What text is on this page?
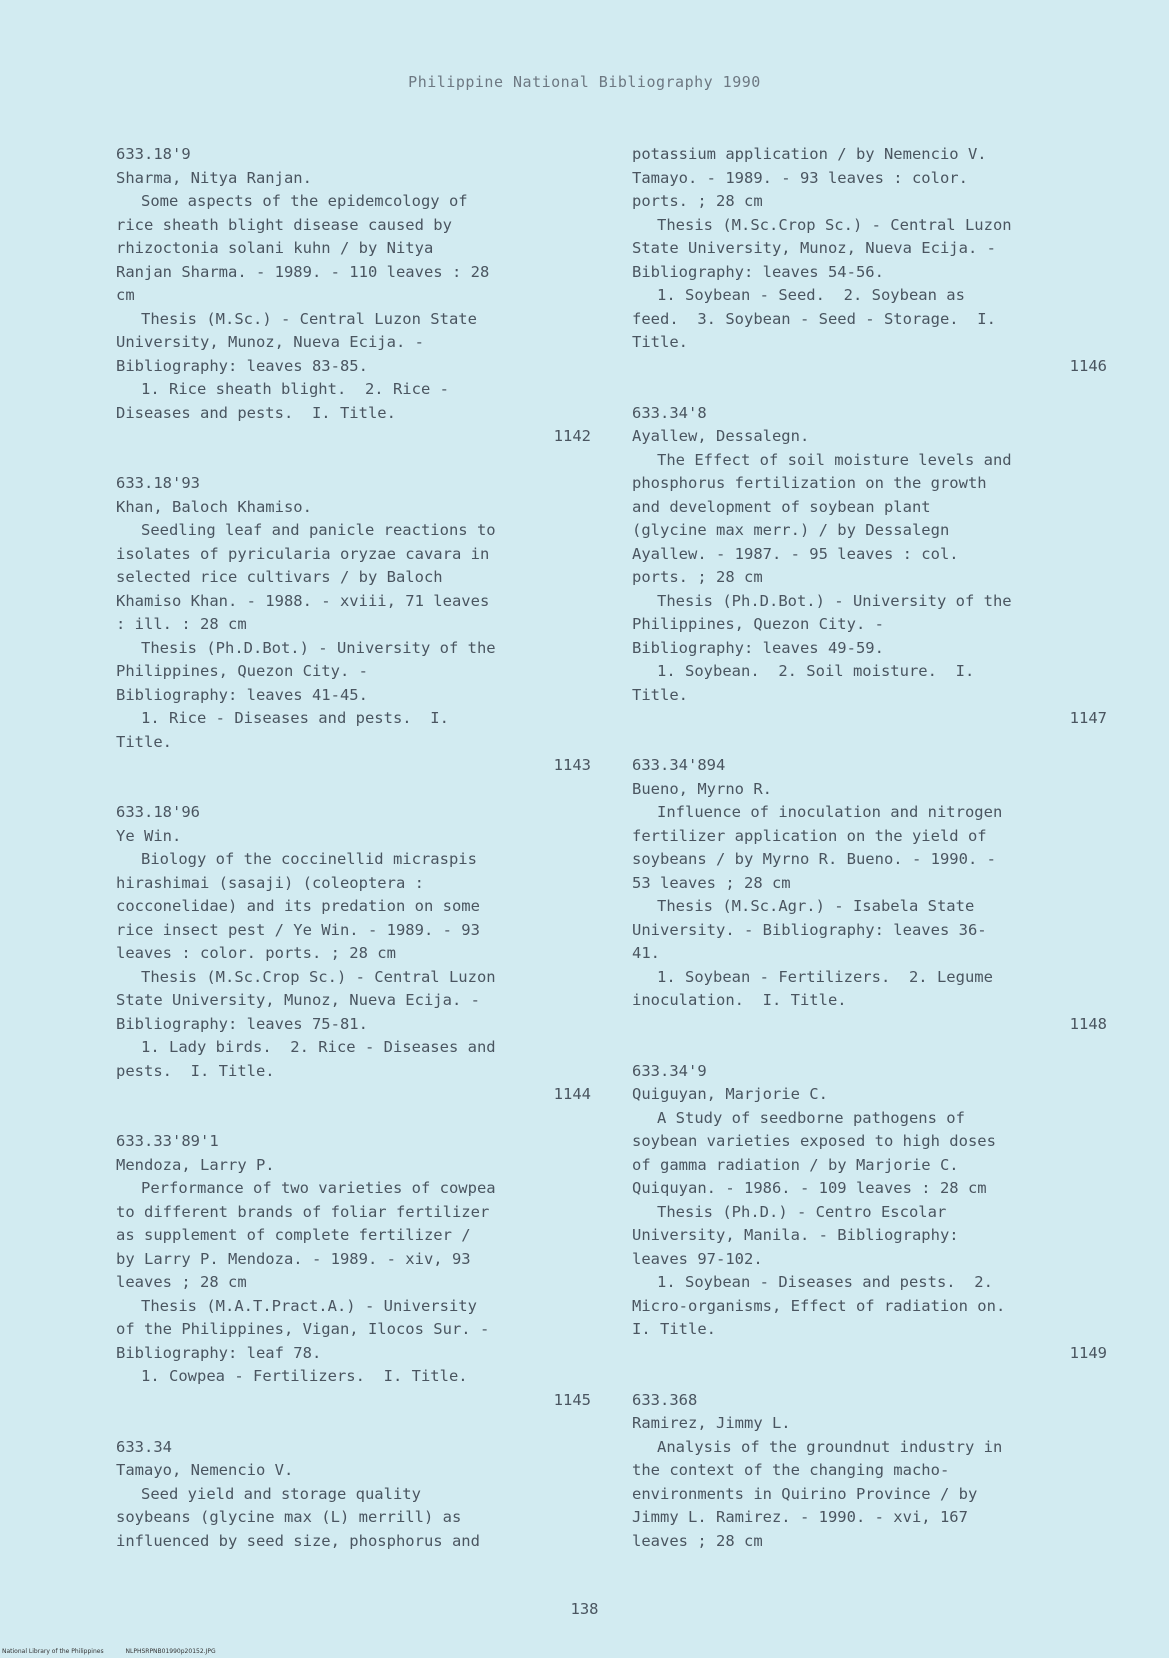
Philippine National Bibliography 1990
633.18'9
Sharma, Nitya Ranjan.
Some aspects of the epidemcology of
rice sheath blight disease caused by
rhizoctonia solani kuhn / by Nitya
Ranjan Sharma. - 1989. - 110 leaves : 28
cm
Thesis (M.Sc.) - Central Luzon State
University, Munoz, Nueva Ecija. -
Bibliography: leaves 83-85.
1. Rice sheath blight.  2. Rice -
Diseases and pests.  I. Title.
1142
633.18'93
Khan, Baloch Khamiso.
Seedling leaf and panicle reactions to
isolates of pyricularia oryzae cavara in
selected rice cultivars / by Baloch
Khamiso Khan. - 1988. - xviii, 71 leaves
: ill. : 28 cm
Thesis (Ph.D.Bot.) - University of the
Philippines, Quezon City. -
Bibliography: leaves 41-45.
1. Rice - Diseases and pests.  I.
Title.
1143
633.18'96
Ye Win.
Biology of the coccinellid micraspis
hirashimai (sasaji) (coleoptera :
cocconelidae) and its predation on some
rice insect pest / Ye Win. - 1989. - 93
leaves : color. ports. ; 28 cm
Thesis (M.Sc.Crop Sc.) - Central Luzon
State University, Munoz, Nueva Ecija. -
Bibliography: leaves 75-81.
1. Lady birds.  2. Rice - Diseases and
pests.  I. Title.
1144
633.33'89'1
Mendoza, Larry P.
Performance of two varieties of cowpea
to different brands of foliar fertilizer
as supplement of complete fertilizer /
by Larry P. Mendoza. - 1989. - xiv, 93
leaves ; 28 cm
Thesis (M.A.T.Pract.A.) - University
of the Philippines, Vigan, Ilocos Sur. -
Bibliography: leaf 78.
1. Cowpea - Fertilizers.  I. Title.
1145
633.34
Tamayo, Nemencio V.
Seed yield and storage quality
soybeans (glycine max (L) merrill) as
influenced by seed size, phosphorus and
potassium application / by Nemencio V.
Tamayo. - 1989. - 93 leaves : color.
ports. ; 28 cm
Thesis (M.Sc.Crop Sc.) - Central Luzon
State University, Munoz, Nueva Ecija. -
Bibliography: leaves 54-56.
1. Soybean - Seed.  2. Soybean as
feed.  3. Soybean - Seed - Storage.  I.
Title.
1146
633.34'8
Ayallew, Dessalegn.
The Effect of soil moisture levels and
phosphorus fertilization on the growth
and development of soybean plant
(glycine max merr.) / by Dessalegn
Ayallew. - 1987. - 95 leaves : col.
ports. ; 28 cm
Thesis (Ph.D.Bot.) - University of the
Philippines, Quezon City. -
Bibliography: leaves 49-59.
1. Soybean.  2. Soil moisture.  I.
Title.
1147
633.34'894
Bueno, Myrno R.
Influence of inoculation and nitrogen
fertilizer application on the yield of
soybeans / by Myrno R. Bueno. - 1990. -
53 leaves ; 28 cm
Thesis (M.Sc.Agr.) - Isabela State
University. - Bibliography: leaves 36-
41.
1. Soybean - Fertilizers.  2. Legume
inoculation.  I. Title.
1148
633.34'9
Quiguyan, Marjorie C.
A Study of seedborne pathogens of
soybean varieties exposed to high doses
of gamma radiation / by Marjorie C.
Quiquyan. - 1986. - 109 leaves : 28 cm
Thesis (Ph.D.) - Centro Escolar
University, Manila. - Bibliography:
leaves 97-102.
1. Soybean - Diseases and pests.  2.
Micro-organisms, Effect of radiation on.
I. Title.
1149
633.368
Ramirez, Jimmy L.
Analysis of the groundnut industry in
the context of the changing macho-
environments in Quirino Province / by
Jimmy L. Ramirez. - 1990. - xvi, 167
leaves ; 28 cm
138
National Library of the Philippines	NLPHSRPNB01990p20152.JPG
